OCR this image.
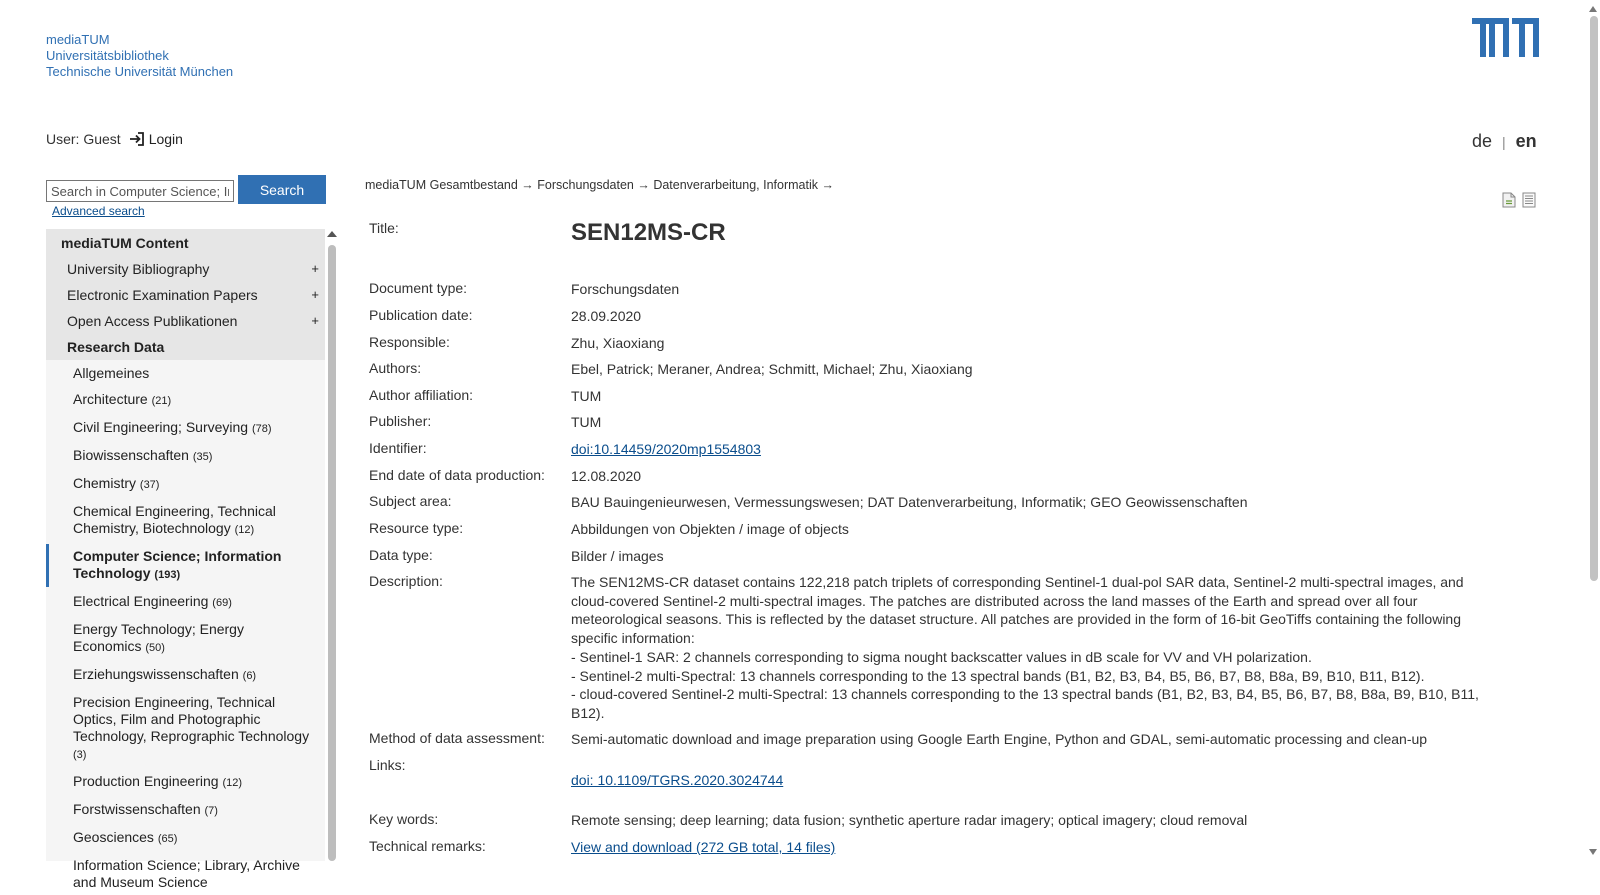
mediaTUM
Universitätsbibliothek
Technische Universität München
User: Guest Login	de | en
Search in Computer Science; Information Technology
Search
Advanced search
mediaTUM Content
University Bibliography	+
Electronic Examination Papers	+
Open Access Publikationen	+
Research Data
Allgemeines
Architecture (21)
Civil Engineering; Surveying (78)
Biowissenschaften (35)
Chemistry (37)
Chemical Engineering, Technical Chemistry, Biotechnology (12)
Computer Science; Information Technology (193)
Electrical Engineering (69)
Energy Technology; Energy Economics (50)
Erziehungswissenschaften (6)
Precision Engineering, Technical Optics, Film and Photographic Technology, Reprographic Technology (3)
Production Engineering (12)
Forstwissenschaften (7)
Geosciences (65)
Information Science; Library, Archive and Museum Science
mediaTUM Gesamtbestand → Forschungsdaten → Datenverarbeitung, Informatik →
Title:	SEN12MS-CR
Document type:	Forschungsdaten
Publication date:	28.09.2020
Responsible:	Zhu, Xiaoxiang
Authors:	Ebel, Patrick; Meraner, Andrea; Schmitt, Michael; Zhu, Xiaoxiang
Author affiliation:	TUM
Publisher:	TUM
Identifier:	doi:10.14459/2020mp1554803
End date of data production: 12.08.2020
Subject area:	BAU Bauingenieurwesen, Vermessungswesen; DAT Datenverarbeitung, Informatik; GEO Geowissenschaften
Resource type:	Abbildungen von Objekten / image of objects
Data type:	Bilder / images
Description:	The SEN12MS-CR dataset contains 122,218 patch triplets of corresponding Sentinel-1 dual-pol SAR data, Sentinel-2 multi-spectral images, and cloud-covered Sentinel-2 multi-spectral images. The patches are distributed across the land masses of the Earth and spread over all four meteorological seasons. This is reflected by the dataset structure. All patches are provided in the form of 16-bit GeoTiffs containing the following specific information:
- Sentinel-1 SAR: 2 channels corresponding to sigma nought backscatter values in dB scale for VV and VH polarization.
- Sentinel-2 multi-Spectral: 13 channels corresponding to the 13 spectral bands (B1, B2, B3, B4, B5, B6, B7, B8, B8a, B9, B10, B11, B12).
- cloud-covered Sentinel-2 multi-Spectral: 13 channels corresponding to the 13 spectral bands (B1, B2, B3, B4, B5, B6, B7, B8, B8a, B9, B10, B11, B12).
Method of data assessment: Semi-automatic download and image preparation using Google Earth Engine, Python and GDAL, semi-automatic processing and clean-up
Links:
doi: 10.1109/TGRS.2020.3024744
Key words:	Remote sensing; deep learning; data fusion; synthetic aperture radar imagery; optical imagery; cloud removal
Technical remarks:	View and download (272 GB total, 14 files)
